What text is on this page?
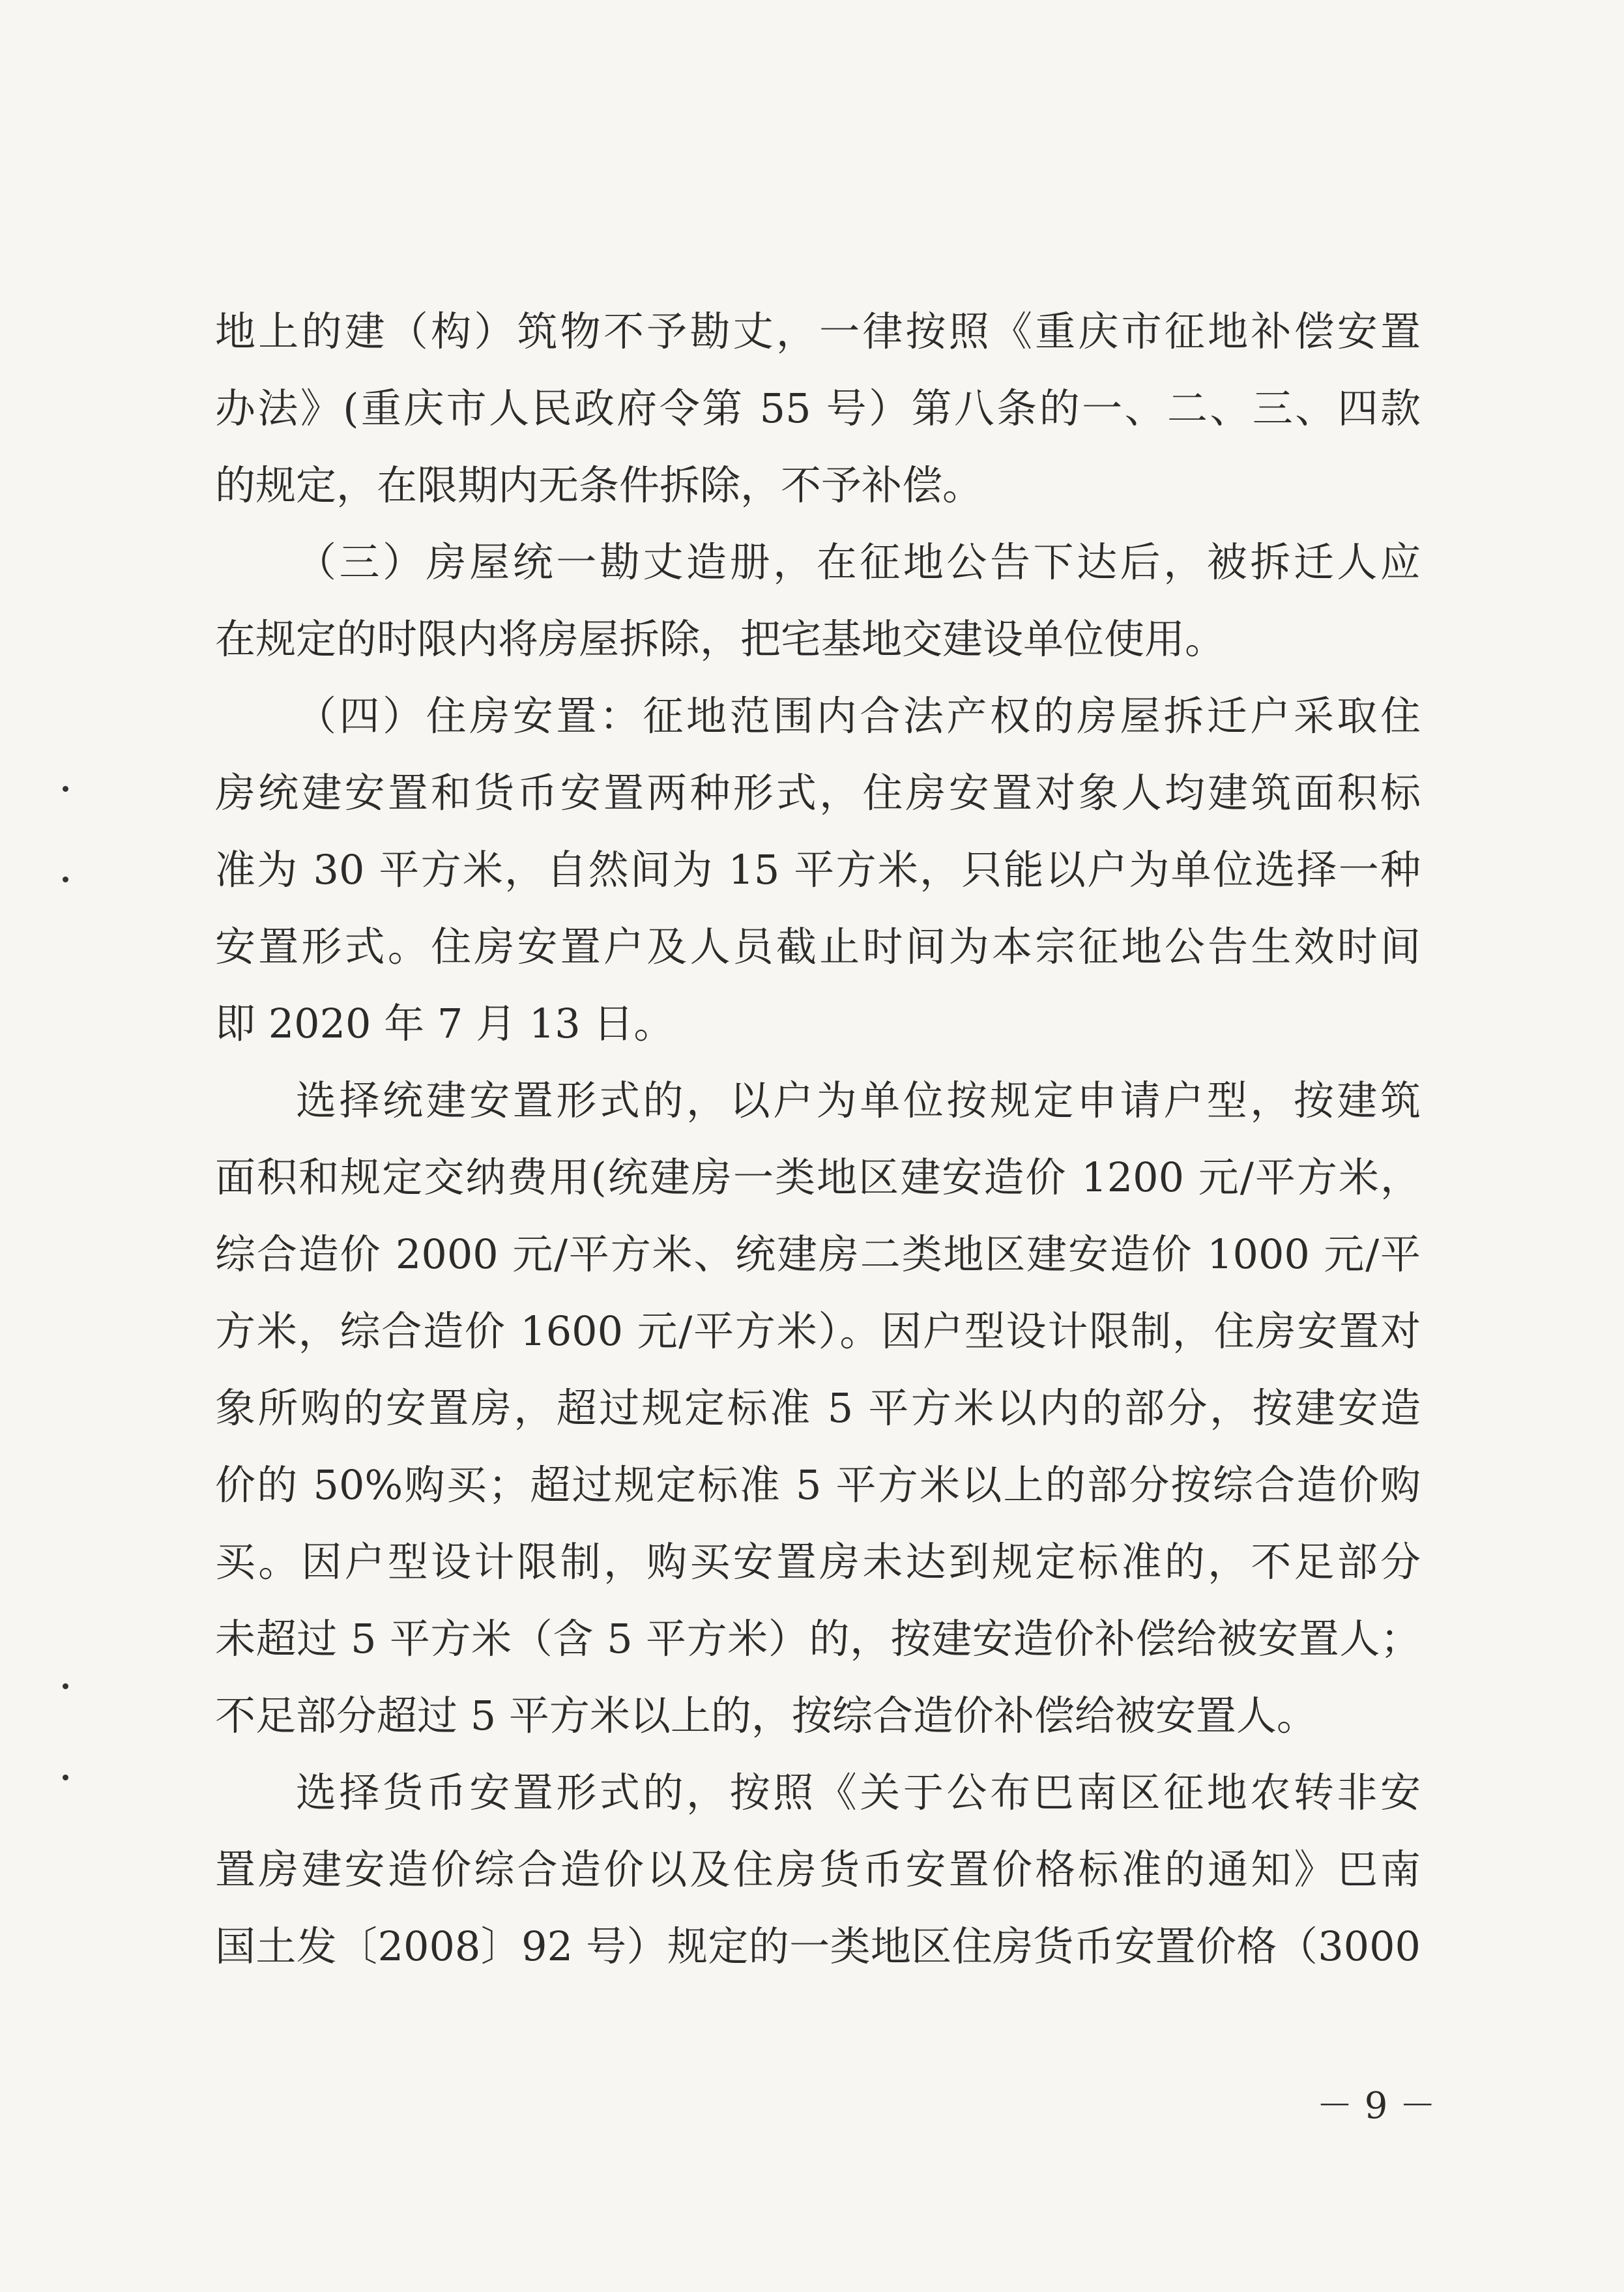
地上的建（构）筑物不予勘丈，一律按照《重庆市征地补偿安置
办法》(重庆市人民政府令第 55 号）第八条的一、二、三、四款
的规定，在限期内无条件拆除，不予补偿。
（三）房屋统一勘丈造册，在征地公告下达后，被拆迁人应
在规定的时限内将房屋拆除，把宅基地交建设单位使用。
（四）住房安置：征地范围内合法产权的房屋拆迁户采取住
房统建安置和货币安置两种形式，住房安置对象人均建筑面积标
准为 30 平方米，自然间为 15 平方米，只能以户为单位选择一种
安置形式。住房安置户及人员截止时间为本宗征地公告生效时间
即 2020 年 7 月 13 日。
选择统建安置形式的，以户为单位按规定申请户型，按建筑
面积和规定交纳费用(统建房一类地区建安造价 1200 元/平方米，
综合造价 2000 元/平方米、统建房二类地区建安造价 1000 元/平
方米，综合造价 1600 元/平方米）。因户型设计限制，住房安置对
象所购的安置房，超过规定标准 5 平方米以内的部分，按建安造
价的 50%购买；超过规定标准 5 平方米以上的部分按综合造价购
买。因户型设计限制，购买安置房未达到规定标准的，不足部分
未超过 5 平方米（含 5 平方米）的，按建安造价补偿给被安置人；
不足部分超过 5 平方米以上的，按综合造价补偿给被安置人。
选择货币安置形式的，按照《关于公布巴南区征地农转非安
置房建安造价综合造价以及住房货币安置价格标准的通知》巴南
国土发〔2008〕92 号）规定的一类地区住房货币安置价格（3000
－ 9 －
